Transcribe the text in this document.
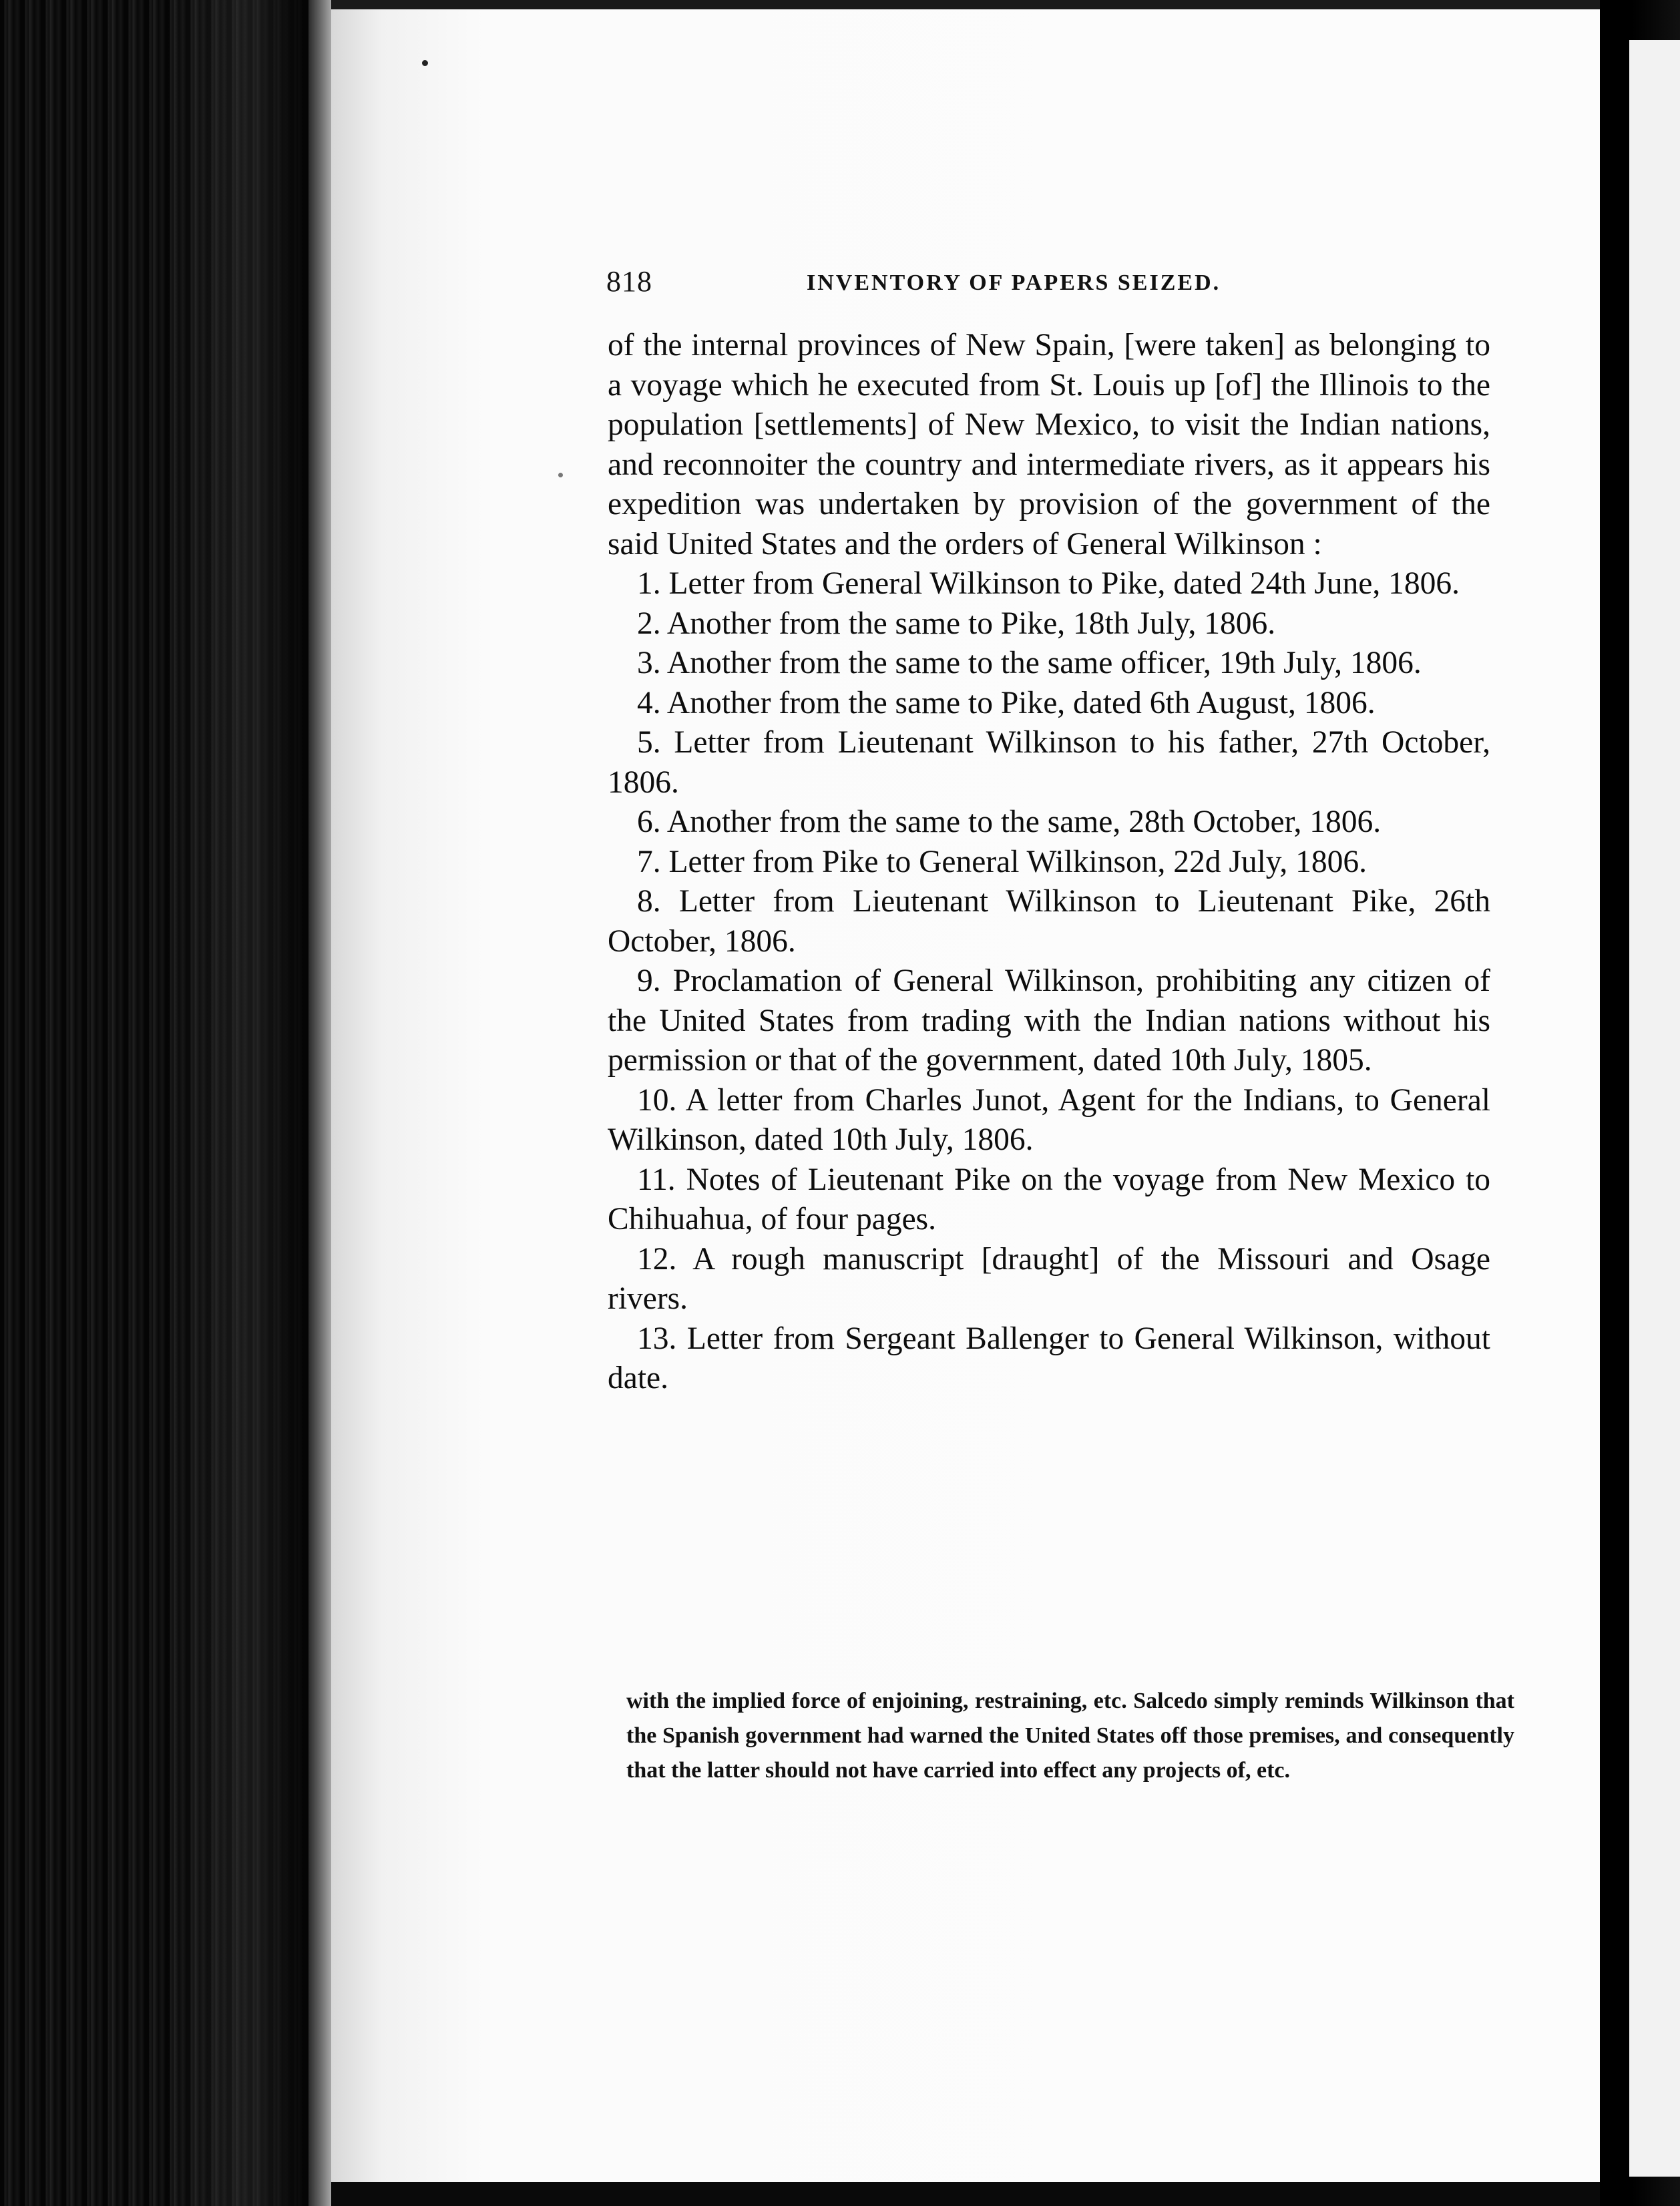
818	INVENTORY OF PAPERS SEIZED.

of the internal provinces of New Spain, [were taken] as belonging to a voyage which he executed from St. Louis up [of] the Illinois to the population [settlements] of New Mexico, to visit the Indian nations, and reconnoiter the country and intermediate rivers, as it appears his expedition was undertaken by provision of the government of the said United States and the orders of General Wilkinson :

1. Letter from General Wilkinson to Pike, dated 24th June, 1806.

2. Another from the same to Pike, 18th July, 1806.

3. Another from the same to the same officer, 19th July, 1806.

4. Another from the same to Pike, dated 6th August, 1806.

5. Letter from Lieutenant Wilkinson to his father, 27th October, 1806.

6. Another from the same to the same, 28th October, 1806.

7. Letter from Pike to General Wilkinson, 22d July, 1806.

8. Letter from Lieutenant Wilkinson to Lieutenant Pike, 26th October, 1806.

9. Proclamation of General Wilkinson, prohibiting any citizen of the United States from trading with the Indian nations without his permission or that of the government, dated 10th July, 1805.

10. A letter from Charles Junot, Agent for the Indians, to General Wilkinson, dated 10th July, 1806.

11. Notes of Lieutenant Pike on the voyage from New Mexico to Chihuahua, of four pages.

12. A rough manuscript [draught] of the Missouri and Osage rivers.

13. Letter from Sergeant Ballenger to General Wilkinson, without date.

with the implied force of enjoining, restraining, etc. Salcedo simply reminds Wilkinson that the Spanish government had warned the United States off those premises, and consequently that the latter should not have carried into effect any projects of, etc.
